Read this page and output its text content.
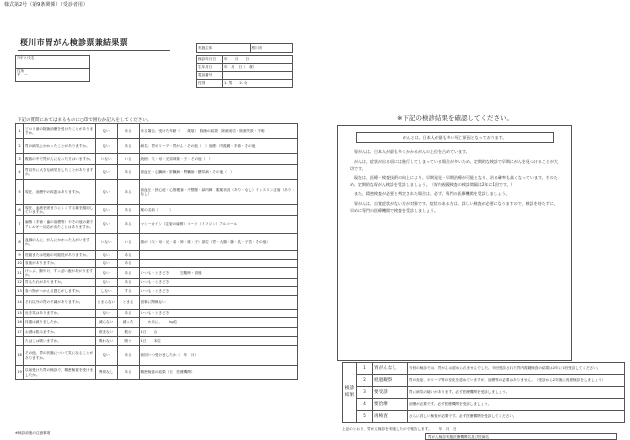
様式第2号（第9条関係）（受診者用）
桜川市胃がん検診票兼結果票
ﾌﾘｶﾞﾅ 氏名
住所
〒　ー
実施主体	桜川市
検診年月日	年　　月　　日
生年月日	年　月　日（　歳）
電話番号	
性別	1. 男　　2. 女
下記の質問にあてはまるものに○印で囲むか記入をしてください。
1	ピロリ菌の除菌治療を受けたことがありますか。	ない	ある	ある場合、受けた年齢（　　歳頃）　除菌の結果：除菌成功・除菌失敗・不明
2	胃の病気にかかったことがありますか。	ない	ある	病名：胃ポリープ・胃がん・その他（　）治療：内視鏡・手術・その他
3	親族の中で胃がんになった方はいますか。	いない	いる	続柄：父・母・兄弟姉妹・子・その他（　）
4	胃以外に大きな病気をしたことがありますか。	ない	ある	高血圧・心臓病・肝臓病・腎臓病・糖尿病・その他（　）
5	現在、治療中の疾患はありますか。	ない	ある	高血圧・狭心症・心筋梗塞・不整脈・緑内障　服薬状況（あり・なし）インスリン注射（あり・なし）
6	現在、血液を固まりにくくする薬を服用していますか。	ない	ある	薬の名前（　　　）
7	麻酔（手術・歯の治療等）やその他の薬でアレルギー反応が出たことはありますか。	ない	ある	マシーカイン（注射の麻酔）コード（イソジン）アルコール
8	血縁の人に、がんにかかった人がいますか。	いない	いる	誰が（父・母・兄・弟・姉・妹・子）部位（胃・大腸・肺・乳・子宮・その他）
9	妊娠または妊娠の可能性がありますか。	ない	ある	
10	食欲がありますか。	ない	ある	
11	げっぷ、胸やけ、すっぱい液があがりますか。	ない	ある	いつも・ときどき　　　空腹時・食後
12	胃もたれがありますか。	ない	ある	いつも・ときどき
13	食べ物がつかえる感じがしますか。	しない	する	いつも・ときどき
14	それ以外の胃の不調がありますか。	とまらない	とまる	食事に関係ない
15	吐き気はありますか。	ない	ある	いつも・ときどき
16	体重は減りましたか。	減らない	減った	　　か月に、　　kg位
17	お酒は飲みますか。	飲まない	飲む	1日　　合
	たばこは吸いますか。	吸わない	吸う	1日　　本位
18	その他、胃の状態について気になることがありますか。	ない	ある	前回いつ受けましたか（　年　月）
19	以前受けた胃の検診で、精密検査を受けましたか。	異常なし	ある	精密検査の結果（日　医療機関）
※検診前後の注意事項
※下記の検診結果を確認してください。
がんとは、日本人が最も多い死亡原因となっております。
胃がんは、日本人が最も多くかかるがんの上位を占めています。
がんは、症状が出る頃には進行してしまっている場合が多いため、定期的な検診で早期にがんを見つけることが大切です。
現在は、医療・検査技術の向上により、早期発見・早期治療が可能となり、治る確率も高くなっています。そのため、定期的な胃がん検診を受診しましょう。（胃内視鏡検査の検診間隔は2年に1回です。）
また、精密検査が必要と判定された場合は、必ず、専門の医療機関を受診しましょう。
胃がんは、自覚症状がない方が対象です。症状のある方は、詳しい検査が必要になりますので、検診を待たずに、早めに専門の医療機関で検査を受診しましょう。
検診結果	1	胃がんなし	今回の検診では、胃がんは認められませんでした。今回受診された胃内視鏡検査の結果は2年に1回受診してください。
	2	経過観察	胃の炎症、ポリープ等の変化を認めていますが、治療等の必要はありません。（受診から2年後に再度検診をしましょう）
	3	要受診	胃に病気の疑いがあります。必ず医療機関を受診しましょう。
	4	要治療	治療が必要です。必ず医療機関を受診しましょう。
	5	再検査	さらに詳しい検査が必要です。必ず医療機関を受診してください。
上記のとおり、胃がん検診を実施したので報告します。　　 年　月　日
胃がん検診実施医療機関名及び医師名
